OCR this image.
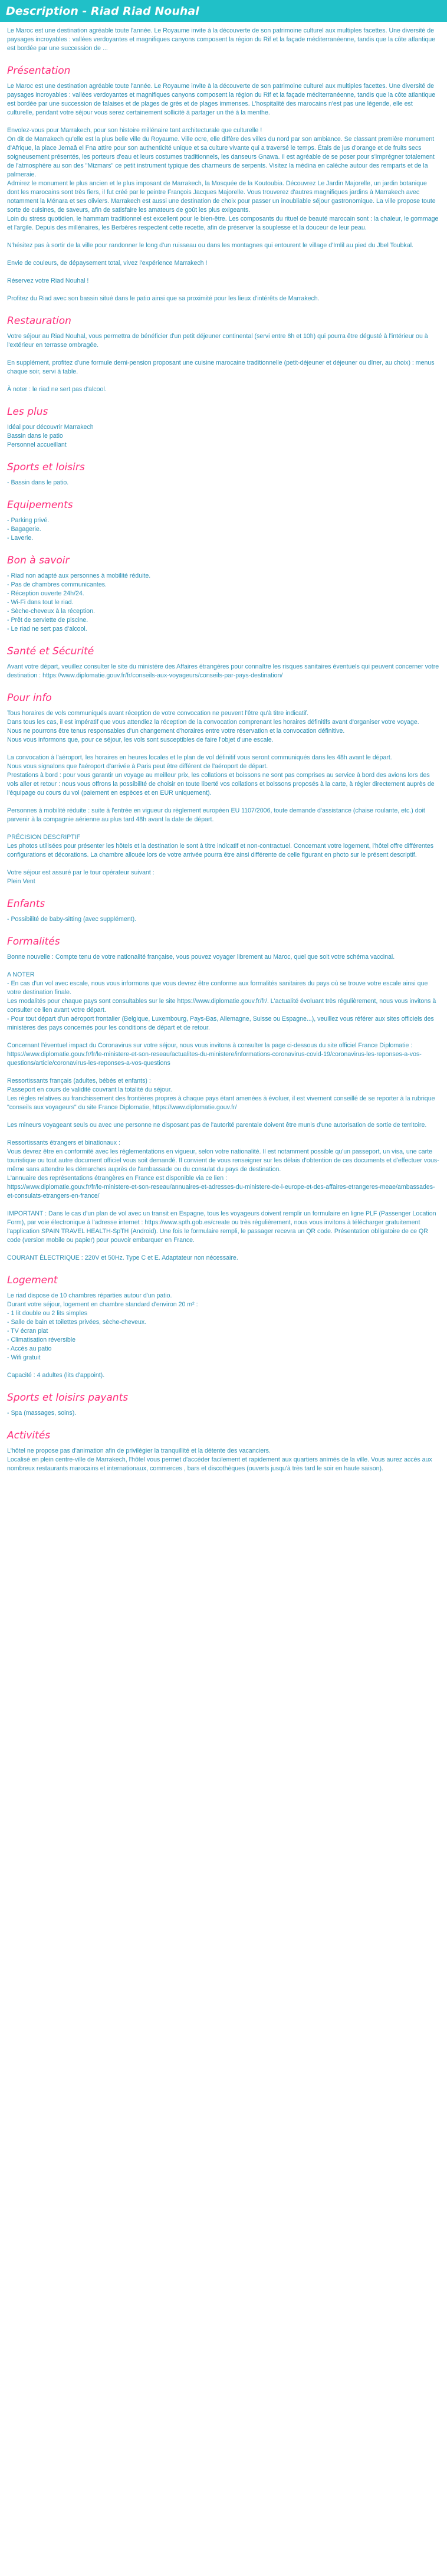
Description - Riad Riad Nouhal

Le Maroc est une destination agréable toute l'année. Le Royaume invite à la découverte de son patrimoine culturel aux multiples facettes. Une diversité de paysages incroyables : vallées verdoyantes et magnifiques canyons composent la région du Rif et la façade méditerranéenne, tandis que la côte atlantique est bordée par une succession de ...

Présentation

Le Maroc est une destination agréable toute l'année. Le Royaume invite à la découverte de son patrimoine culturel aux multiples facettes. Une diversité de paysages incroyables : vallées verdoyantes et magnifiques canyons composent la région du Rif et la façade méditerranéenne, tandis que la côte atlantique est bordée par une succession de falaises et de plages de grès et de plages immenses. L'hospitalité des marocains n'est pas une légende, elle est culturelle, pendant votre séjour vous serez certainement sollicité à partager un thé à la menthe.

Envolez-vous pour Marrakech, pour son histoire millénaire tant architecturale que culturelle !
On dit de Marrakech qu'elle est la plus belle ville du Royaume. Ville ocre, elle diffère des villes du nord par son ambiance. Se classant première monument d'Afrique, la place Jemaâ el Fna attire pour son authenticité unique et sa culture vivante qui a traversé le temps. Étals de jus d'orange et de fruits secs soigneusement présentés, les porteurs d'eau et leurs costumes traditionnels, les danseurs Gnawa. Il est agréable de se poser pour s'imprégner totalement de l'atmosphère au son des "Mizmars" ce petit instrument typique des charmeurs de serpents. Visitez la médina en calèche autour des remparts et de la palmeraie.
Admirez le monument le plus ancien et le plus imposant de Marrakech, la Mosquée de la Koutoubia. Découvrez Le Jardin Majorelle, un jardin botanique dont les marocains sont très fiers, il fut créé par le peintre François Jacques Majorelle. Vous trouverez d'autres magnifiques jardins à Marrakech avec notamment la Ménara et ses oliviers. Marrakech est aussi une destination de choix pour passer un inoubliable séjour gastronomique. La ville propose toute sorte de cuisines, de saveurs, afin de satisfaire les amateurs de goût les plus exigeants.
Loin du stress quotidien, le hammam traditionnel est excellent pour le bien-être. Les composants du rituel de beauté marocain sont : la chaleur, le gommage et l'argile. Depuis des millénaires, les Berbères respectent cette recette, afin de préserver la souplesse et la douceur de leur peau.

N'hésitez pas à sortir de la ville pour randonner le long d'un ruisseau ou dans les montagnes qui entourent le village d'Imlil au pied du Jbel Toubkal.

Envie de couleurs, de dépaysement total, vivez l'expérience Marrakech !

Réservez votre Riad Nouhal !

Profitez du Riad avec son bassin situé dans le patio ainsi que sa proximité pour les lieux d'intérêts de Marrakech.

Restauration

Votre séjour au Riad Nouhal, vous permettra de bénéficier d'un petit déjeuner continental (servi entre 8h et 10h) qui pourra être dégusté à l'intérieur ou à l'extérieur en terrasse ombragée.

En supplément, profitez d'une formule demi-pension proposant une cuisine marocaine traditionnelle (petit-déjeuner et déjeuner ou dîner, au choix) : menus chaque soir, servi à table.

À noter : le riad ne sert pas d'alcool.

Les plus

Idéal pour découvrir Marrakech

Bassin dans le patio

Personnel accueillant

Sports et loisirs

- Bassin dans le patio.

Equipements

- Parking privé.

- Bagagerie.

- Laverie.

Bon à savoir

- Riad non adapté aux personnes à mobilité réduite.

- Pas de chambres communicantes.

- Réception ouverte 24h/24.

- Wi-Fi dans tout le riad.

- Sèche-cheveux à la réception.

- Prêt de serviette de piscine.

- Le riad ne sert pas d'alcool.

Santé et Sécurité

Avant votre départ, veuillez consulter le site du ministère des Affaires étrangères pour connaître les risques sanitaires éventuels qui peuvent concerner votre destination : https://www.diplomatie.gouv.fr/fr/conseils-aux-voyageurs/conseils-par-pays-destination/

Pour info

Tous horaires de vols communiqués avant réception de votre convocation ne peuvent l'être qu'à titre indicatif.
Dans tous les cas, il est impératif que vous attendiez la réception de la convocation comprenant les horaires définitifs avant d'organiser votre voyage.
Nous ne pourrons être tenus responsables d'un changement d'horaires entre votre réservation et la convocation définitive.
Nous vous informons que, pour ce séjour, les vols sont susceptibles de faire l'objet d'une escale.

La convocation à l'aéroport, les horaires en heures locales et le plan de vol définitif vous seront communiqués dans les 48h avant le départ.
Nous vous signalons que l'aéroport d'arrivée à Paris peut être différent de l'aéroport de départ.
Prestations à bord : pour vous garantir un voyage au meilleur prix, les collations et boissons ne sont pas comprises au service à bord des avions lors des vols aller et retour : nous vous offrons la possibilité de choisir en toute liberté vos collations et boissons proposés à la carte, à régler directement auprès de l'équipage ou cours du vol (paiement en espèces et en EUR uniquement).

Personnes à mobilité réduite : suite à l'entrée en vigueur du règlement européen EU 1107/2006, toute demande d'assistance (chaise roulante, etc.) doit parvenir à la compagnie aérienne au plus tard 48h avant la date de départ.

PRÉCISION DESCRIPTIF
Les photos utilisées pour présenter les hôtels et la destination le sont à titre indicatif et non-contractuel. Concernant votre logement, l'hôtel offre différentes configurations et décorations. La chambre allouée lors de votre arrivée pourra être ainsi différente de celle figurant en photo sur le présent descriptif.

Votre séjour est assuré par le tour opérateur suivant :
Plein Vent

Enfants

- Possibilité de baby-sitting (avec supplément).

Formalités

Bonne nouvelle : Compte tenu de votre nationalité française, vous pouvez voyager librement au Maroc, quel que soit votre schéma vaccinal.

A NOTER
- En cas d'un vol avec escale, nous vous informons que vous devrez être conforme aux formalités sanitaires du pays où se trouve votre escale ainsi que votre destination finale.
Les modalités pour chaque pays sont consultables sur le site https://www.diplomatie.gouv.fr/fr/. L'actualité évoluant très régulièrement, nous vous invitons à consulter ce lien avant votre départ.
- Pour tout départ d'un aéroport frontalier (Belgique, Luxembourg, Pays-Bas, Allemagne, Suisse ou Espagne...), veuillez vous référer aux sites officiels des ministères des pays concernés pour les conditions de départ et de retour.

Concernant l'éventuel impact du Coronavirus sur votre séjour, nous vous invitons à consulter la page ci-dessous du site officiel France Diplomatie :
https://www.diplomatie.gouv.fr/fr/le-ministere-et-son-reseau/actualites-du-ministere/informations-coronavirus-covid-19/coronavirus-les-reponses-a-vos-questions/article/coronavirus-les-reponses-a-vos-questions

Ressortissants français (adultes, bébés et enfants) :
Passeport en cours de validité couvrant la totalité du séjour.
Les règles relatives au franchissement des frontières propres à chaque pays étant amenées à évoluer, il est vivement conseillé de se reporter à la rubrique "conseils aux voyageurs" du site France Diplomatie, https://www.diplomatie.gouv.fr/

Les mineurs voyageant seuls ou avec une personne ne disposant pas de l'autorité parentale doivent être munis d'une autorisation de sortie de territoire.

Ressortissants étrangers et binationaux :
Vous devrez être en conformité avec les réglementations en vigueur, selon votre nationalité. Il est notamment possible qu'un passeport, un visa, une carte touristique ou tout autre document officiel vous soit demandé. Il convient de vous renseigner sur les délais d'obtention de ces documents et d'effectuer vous-même sans attendre les démarches auprès de l'ambassade ou du consulat du pays de destination.
L'annuaire des représentations étrangères en France est disponible via ce lien :
https://www.diplomatie.gouv.fr/fr/le-ministere-et-son-reseau/annuaires-et-adresses-du-ministere-de-l-europe-et-des-affaires-etrangeres-meae/ambassades-et-consulats-etrangers-en-france/

IMPORTANT : Dans le cas d'un plan de vol avec un transit en Espagne, tous les voyageurs doivent remplir un formulaire en ligne PLF (Passenger Location Form), par voie électronique à l'adresse internet : https://www.spth.gob.es/create ou très régulièrement, nous vous invitons à télécharger gratuitement l'application SPAIN TRAVEL HEALTH-SpTH (Android). Une fois le formulaire rempli, le passager recevra un QR code. Présentation obligatoire de ce QR code (version mobile ou papier) pour pouvoir embarquer en France.

COURANT ÉLECTRIQUE : 220V et 50Hz. Type C et E. Adaptateur non nécessaire.

Logement

Le riad dispose de 10 chambres réparties autour d'un patio.

Durant votre séjour, logement en chambre standard d'environ 20 m² :

- 1 lit double ou 2 lits simples

- Salle de bain et toilettes privées, sèche-cheveux.

- TV écran plat

- Climatisation réversible

- Accès au patio

- Wifi gratuit

Capacité : 4 adultes (lits d'appoint).

Sports et loisirs payants

- Spa (massages, soins).

Activités

L'hôtel ne propose pas d'animation afin de privilégier la tranquillité et la détente des vacanciers.

Localisé en plein centre-ville de Marrakech, l'hôtel vous permet d'accéder facilement et rapidement aux quartiers animés de la ville. Vous aurez accès aux nombreux restaurants marocains et internationaux, commerces , bars et discothèques (ouverts jusqu'à très tard le soir en haute saison).
